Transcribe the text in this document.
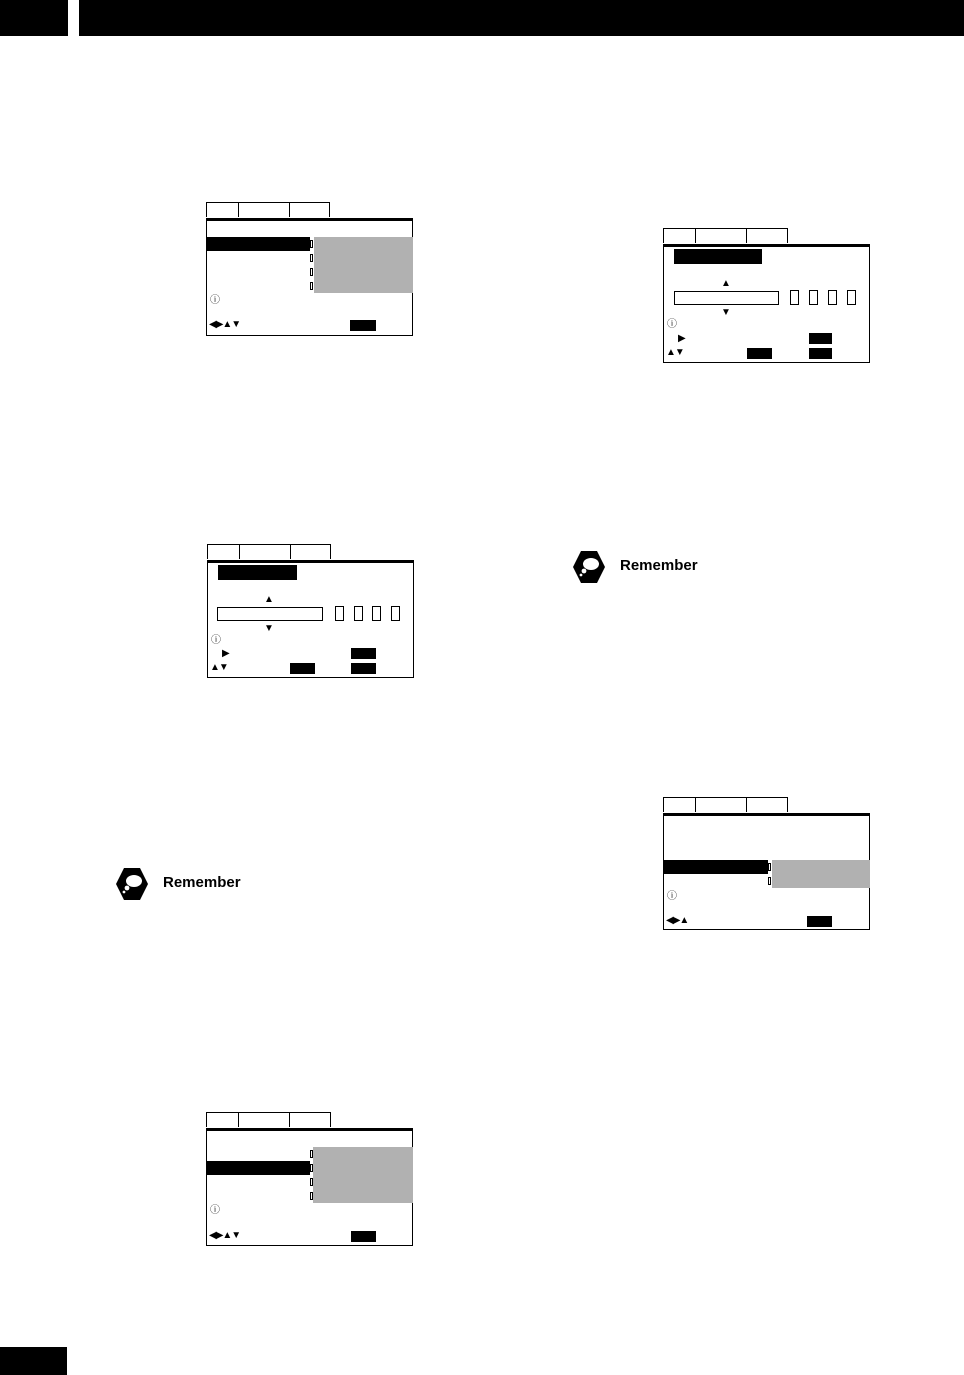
ⓘ
◀▶▲▼
▲
▼
ⓘ
▶
▲▼
▲
▼
ⓘ
▶
▲▼
Remember
ⓘ
◀▶▲
Remember
ⓘ
◀▶▲▼
